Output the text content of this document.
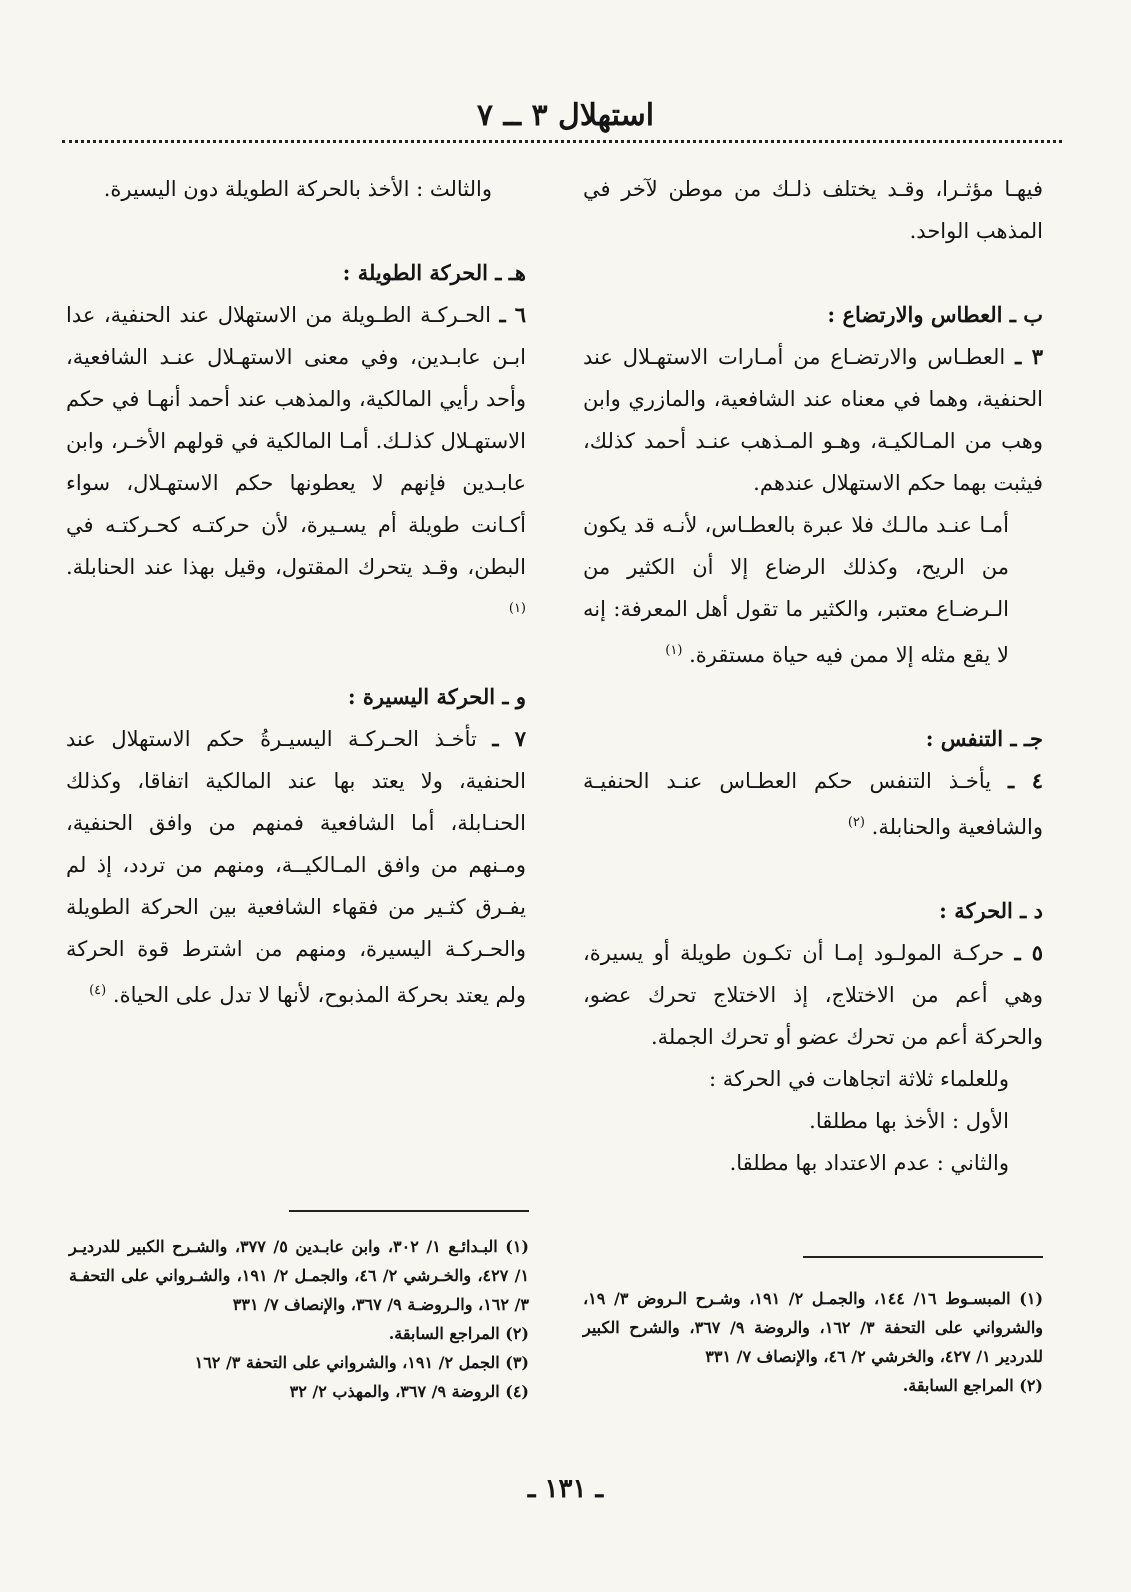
استهلال ٣ ــ ٧
فيهـا مؤثـرا، وقـد يختلف ذلـك من موطن لآخر في المذهب الواحد.
ب ـ العطاس والارتضاع :
٣ ـ العطـاس والارتضـاع من أمـارات الاستهـلال عند الحنفية، وهما في معناه عند الشافعية، والمازري وابن وهب من المـالكيـة، وهـو المـذهب عنـد أحمد كذلك، فيثبت بهما حكم الاستهلال عندهم.
أمـا عنـد مالـك فلا عبرة بالعطـاس، لأنـه قد يكون من الريح، وكذلك الرضاع إلا أن الكثير من الـرضـاع معتبر، والكثير ما تقول أهل المعرفة: إنه لا يقع مثله إلا ممن فيه حياة مستقرة. $^{(١)}$
جـ ـ التنفس :
٤ ـ يأخـذ التنفس حكم العطـاس عنـد الحنفيـة والشافعية والحنابلة. $^{(٢)}$
د ـ الحركة :
٥ ـ حركـة المولـود إمـا أن تكـون طويلة أو يسيرة، وهي أعم من الاختلاج، إذ الاختلاج تحرك عضو، والحركة أعم من تحرك عضو أو تحرك الجملة.
وللعلماء ثلاثة اتجاهات في الحركة :
الأول : الأخذ بها مطلقا.
والثاني : عدم الاعتداد بها مطلقا.
والثالث : الأخذ بالحركة الطويلة دون اليسيرة.
هـ ـ الحركة الطويلة :
٦ ـ الحـركـة الطـويلة من الاستهلال عند الحنفية، عدا ابـن عابـدين، وفي معنى الاستهـلال عنـد الشافعية، وأحد رأيي المالكية، والمذهب عند أحمد أنهـا في حكم الاستهـلال كذلـك. أمـا المالكية في قولهم الأخـر، وابن عابـدين فإنهم لا يعطونها حكم الاستهـلال، سواء أكـانت طويلة أم يسـيرة، لأن حركتـه كحـركتـه في البطن، وقـد يتحرك المقتول، وقيل بهذا عند الحنابلة. $^{(١)}$
و ـ الحركة اليسيرة :
٧ ـ تأخـذ الحـركـة اليسيـرةُ حكم الاستهلال عند الحنفية، ولا يعتد بها عند المالكية اتفاقا، وكذلك الحنـابلة، أما الشافعية فمنهم من وافق الحنفية، ومـنهم من وافق المـالكيــة، ومنهم من تردد، إذ لم يفـرق كثـير من فقهاء الشافعية بين الحركة الطويلة والحـركـة اليسيرة، ومنهم من اشترط قوة الحركة ولم يعتد بحركة المذبوح، لأنها لا تدل على الحياة. $^{(٤)}$

(١) المبسـوط ١٦/ ١٤٤، والجمـل ٢/ ١٩١، وشـرح الـروض ٣/ ١٩، والشرواني على التحفة ٣/ ١٦٢، والروضة ٩/ ٣٦٧، والشرح الكبير للدردير ١/ ٤٢٧، والخرشي ٢/ ٤٦، والإنصاف ٧/ ٣٣١

(٢) المراجع السابقة.

(١) البـدائـع ١/ ٣٠٢، وابن عابـدين ٥/ ٣٧٧، والشـرح الكبير للدرديـر ١/ ٤٢٧، والخـرشي ٢/ ٤٦، والجمـل ٢/ ١٩١، والشـرواني على التحفـة ٣/ ١٦٢، والـروضـة ٩/ ٣٦٧، والإنصاف ٧/ ٣٣١

(٢) المراجع السابقة.

(٣) الجمل ٢/ ١٩١، والشرواني على التحفة ٣/ ١٦٢

(٤) الروضة ٩/ ٣٦٧، والمهذب ٢/ ٣٢

ـ ١٣١ ـ
